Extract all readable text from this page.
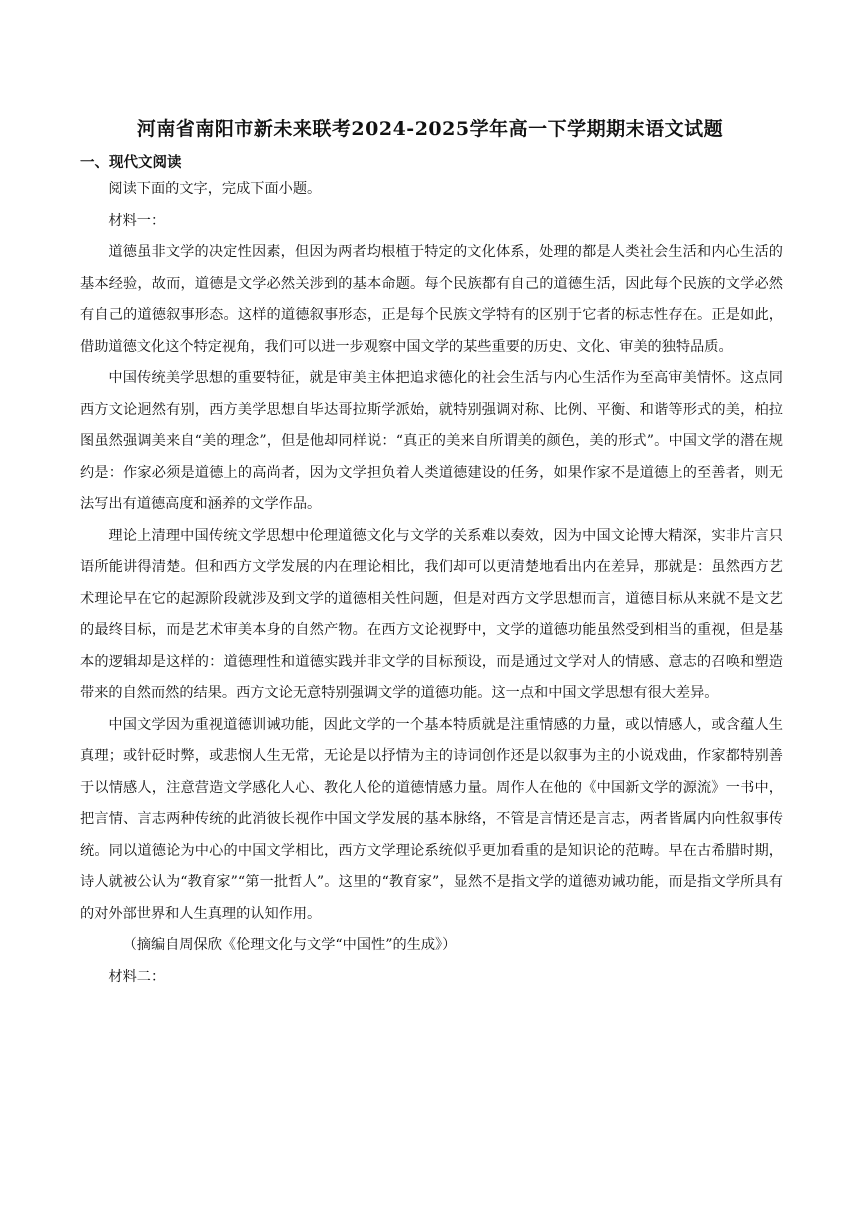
河南省南阳市新未来联考2024-2025学年高一下学期期末语文试题
一、现代文阅读

阅读下面的文字，完成下面小题。

材料一：

道德虽非文学的决定性因素，但因为两者均根植于特定的文化体系，处理的都是人类社会生活和内心生活的基本经验，故而，道德是文学必然关涉到的基本命题。每个民族都有自己的道德生活，因此每个民族的文学必然有自己的道德叙事形态。这样的道德叙事形态，正是每个民族文学特有的区别于它者的标志性存在。正是如此，借助道德文化这个特定视角，我们可以进一步观察中国文学的某些重要的历史、文化、审美的独特品质。

中国传统美学思想的重要特征，就是审美主体把追求德化的社会生活与内心生活作为至高审美情怀。这点同西方文论迥然有别，西方美学思想自毕达哥拉斯学派始，就特别强调对称、比例、平衡、和谐等形式的美，柏拉图虽然强调美来自“美的理念”，但是他却同样说：“真正的美来自所谓美的颜色，美的形式”。中国文学的潜在规约是：作家必须是道德上的高尚者，因为文学担负着人类道德建设的任务，如果作家不是道德上的至善者，则无法写出有道德高度和涵养的文学作品。

理论上清理中国传统文学思想中伦理道德文化与文学的关系难以奏效，因为中国文论博大精深，实非片言只语所能讲得清楚。但和西方文学发展的内在理论相比，我们却可以更清楚地看出内在差异，那就是：虽然西方艺术理论早在它的起源阶段就涉及到文学的道德相关性问题，但是对西方文学思想而言，道德目标从来就不是文艺的最终目标，而是艺术审美本身的自然产物。在西方文论视野中，文学的道德功能虽然受到相当的重视，但是基本的逻辑却是这样的：道德理性和道德实践并非文学的目标预设，而是通过文学对人的情感、意志的召唤和塑造带来的自然而然的结果。西方文论无意特别强调文学的道德功能。这一点和中国文学思想有很大差异。

中国文学因为重视道德训诫功能，因此文学的一个基本特质就是注重情感的力量，或以情感人，或含蕴人生真理；或针砭时弊，或悲悯人生无常，无论是以抒情为主的诗词创作还是以叙事为主的小说戏曲，作家都特别善于以情感人，注意营造文学感化人心、教化人伦的道德情感力量。周作人在他的《中国新文学的源流》一书中，把言情、言志两种传统的此消彼长视作中国文学发展的基本脉络，不管是言情还是言志，两者皆属内向性叙事传统。同以道德论为中心的中国文学相比，西方文学理论系统似乎更加看重的是知识论的范畴。早在古希腊时期，诗人就被公认为“教育家”“第一批哲人”。这里的“教育家”，显然不是指文学的道德劝诫功能，而是指文学所具有的对外部世界和人生真理的认知作用。

（摘编自周保欣《伦理文化与文学“中国性”的生成》）

材料二：
